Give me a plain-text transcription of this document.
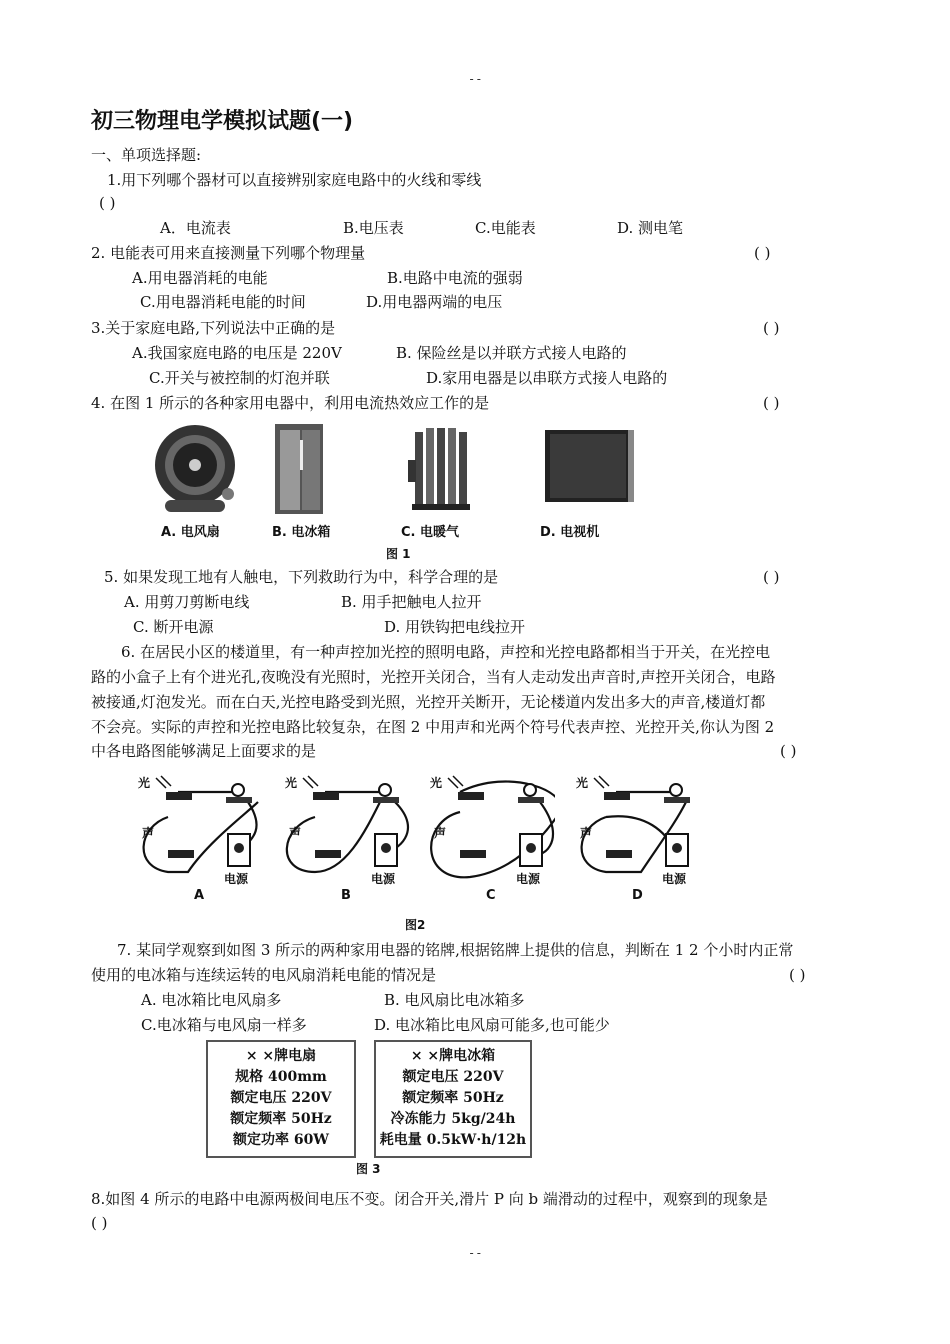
--
初三物理电学模拟试题(一)
一、单项选择题:
1.用下列哪个器材可以直接辨别家庭电路中的火线和零线
( )
A．电流表	B.电压表	C.电能表	D. 测电笔
2. 电能表可用来直接测量下列哪个物理量	( )
A.用电器消耗的电能	B.电路中电流的强弱
C.用电器消耗电能的时间	D.用电器两端的电压
3.关于家庭电路,下列说法中正确的是	( )
A.我国家庭电路的电压是 220V	B. 保险丝是以并联方式接人电路的
C.开关与被控制的灯泡并联	D.家用电器是以串联方式接人电路的
4. 在图 1 所示的各种家用电器中，利用电流热效应工作的是	( )
A. 电风扇	B. 电冰箱	C. 电暖气	D. 电视机
图 1
5. 如果发现工地有人触电，下列救助行为中，科学合理的是	( )
A. 用剪刀剪断电线	B. 用手把触电人拉开
C. 断开电源	D. 用铁钩把电线拉开
6. 在居民小区的楼道里，有一种声控加光控的照明电路，声控和光控电路都相当于开关，在光控电
路的小盒子上有个进光孔,夜晚没有光照时，光控开关闭合，当有人走动发出声音时,声控开关闭合，电路
被接通,灯泡发光。而在白天,光控电路受到光照，光控开关断开，无论楼道内发出多大的声音,楼道灯都
不会亮。实际的声控和光控电路比较复杂，在图 2 中用声和光两个符号代表声控、光控开关,你认为图 2
中各电路图能够满足上面要求的是	( )
光
声
电源
A
光
声
电源
B
光
声
电源
C
光
声
电源
D
图2
7. 某同学观察到如图 3 所示的两种家用电器的铭牌,根据铭牌上提供的信息，判断在 1 2 个小时内正常
使用的电冰箱与连续运转的电风扇消耗电能的情况是	( )
A. 电冰箱比电风扇多	B. 电风扇比电冰箱多
C.电冰箱与电风扇一样多	D. 电冰箱比电风扇可能多,也可能少
× ×牌电扇
规格 400mm
额定电压 220V
额定频率 50Hz
额定功率 60W
× ×牌电冰箱
额定电压 220V
额定频率 50Hz
冷冻能力 5kg/24h
耗电量 0.5kW·h/12h
图 3
8.如图 4 所示的电路中电源两极间电压不变。闭合开关,滑片 P 向 b 端滑动的过程中，观察到的现象是
( )
--
